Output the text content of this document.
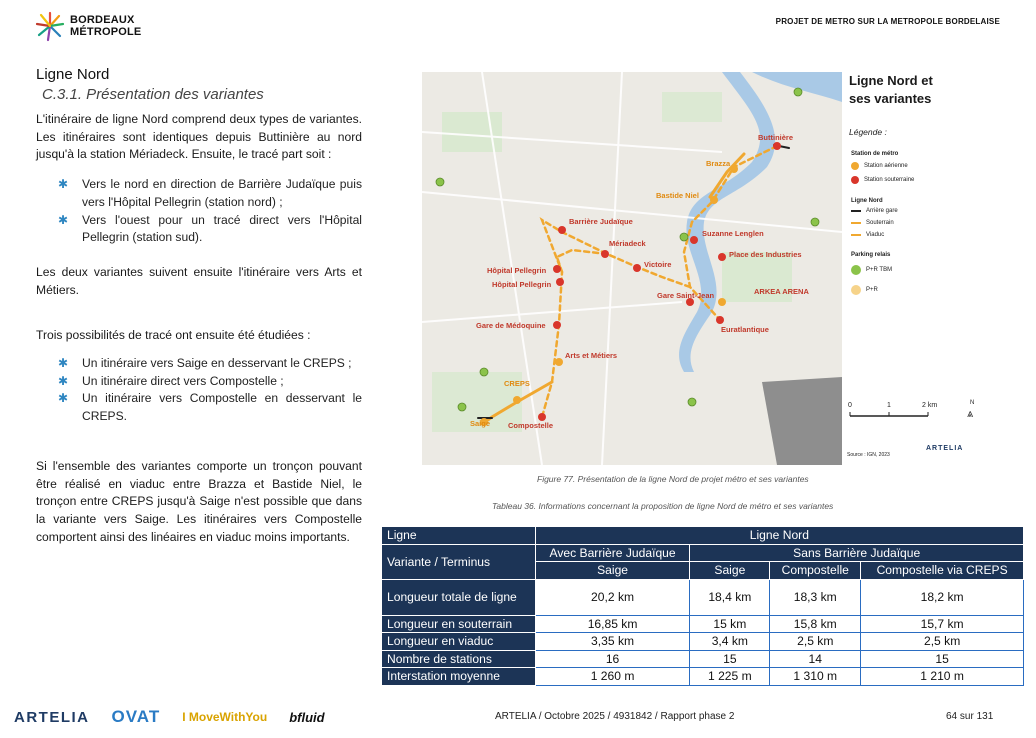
BORDEAUX
MÉTROPOLE
PROJET DE METRO SUR LA METROPOLE BORDELAISE
Ligne Nord
C.3.1. Présentation des variantes

L'itinéraire de ligne Nord comprend deux types de variantes. Les itinéraires sont identiques depuis Buttinière au nord jusqu'à la station Mériadeck. Ensuite, le tracé part soit :

✱ Vers le nord en direction de Barrière Judaïque puis vers l'Hôpital Pellegrin (station nord) ;
✱ Vers l'ouest pour un tracé direct vers l'Hôpital Pellegrin (station sud).

Les deux variantes suivent ensuite l'itinéraire vers Arts et Métiers.

Trois possibilités de tracé ont ensuite été étudiées :

✱ Un itinéraire vers Saige en desservant le CREPS ;
✱ Un itinéraire direct vers Compostelle ;
✱ Un itinéraire vers Compostelle en desservant le CREPS.

Si l'ensemble des variantes comporte un tronçon pouvant être réalisé en viaduc entre Brazza et Bastide Niel, le tronçon entre CREPS jusqu'à Saige n'est possible que dans la variante vers Saige. Les itinéraires vers Compostelle comportent ainsi des linéaires en viaduc moins importants.

Buttinière
Brazza
Bastide Niel
Barrière Judaïque
Mériadeck
Suzanne Lenglen
Hôpital Pellegrin
Hôpital Pellegrin
Victoire
Place des Industries
Gare Saint-Jean	ARKEA ARENA
Euratlantique
Gare de Médoquine
Arts et Métiers
CREPS
Saige Compostelle
Ligne Nord et
ses variantes
Légende :
Station de métro
Station aérienne
Station souterraine
Ligne Nord
Arrière gare
Souterrain
Viaduc
Parking relais
P+R TBM
P+R
0	1	2 km	N
⩓
Source : IGN, 2023
ARTELIA
Figure 77. Présentation de la ligne Nord de projet métro et ses variantes
Tableau 36. Informations concernant la proposition de ligne Nord de métro et ses variantes
Ligne	Ligne Nord			
Variante / Terminus	Avec Barrière Judaïque	Sans Barrière Judaïque		
	Saige	Saige	Compostelle	Compostelle via CREPS
Longueur totale de ligne	20,2 km	18,4 km	18,3 km	18,2 km
Longueur en souterrain	16,85 km	15 km	15,8 km	15,7 km
Longueur en viaduc	3,35 km	3,4 km	2,5 km	2,5 km
Nombre de stations	16	15	14	15
Interstation moyenne	1 260 m	1 225 m	1 310 m	1 210 m
ARTELIA OVAT I MoveWithYou bfluid	ARTELIA / Octobre 2025 / 4931842 / Rapport phase 2	64 sur 131
